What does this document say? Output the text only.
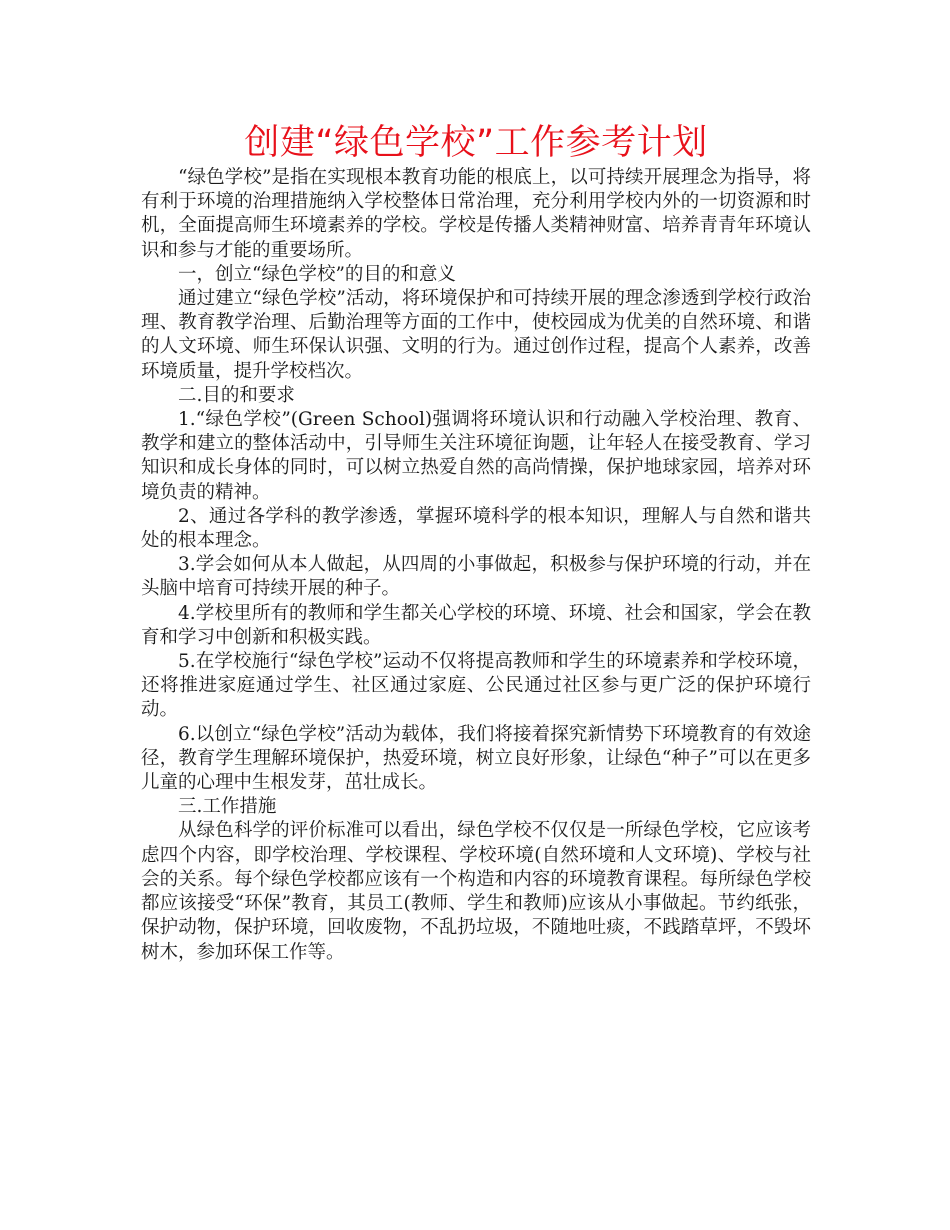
创建“绿色学校”工作参考计划

“绿色学校”是指在实现根本教育功能的根底上，以可持续开展理念为指导，将有利于环境的治理措施纳入学校整体日常治理，充分利用学校内外的一切资源和时机，全面提高师生环境素养的学校。学校是传播人类精神财富、培养青青年环境认识和参与才能的重要场所。

一，创立“绿色学校”的目的和意义

通过建立“绿色学校”活动，将环境保护和可持续开展的理念渗透到学校行政治理、教育教学治理、后勤治理等方面的工作中，使校园成为优美的自然环境、和谐的人文环境、师生环保认识强、文明的行为。通过创作过程，提高个人素养，改善环境质量，提升学校档次。

二.目的和要求

1.“绿色学校”(Green School)强调将环境认识和行动融入学校治理、教育、教学和建立的整体活动中，引导师生关注环境征询题，让年轻人在接受教育、学习知识和成长身体的同时，可以树立热爱自然的高尚情操，保护地球家园，培养对环境负责的精神。

2、通过各学科的教学渗透，掌握环境科学的根本知识，理解人与自然和谐共处的根本理念。

3.学会如何从本人做起，从四周的小事做起，积极参与保护环境的行动，并在头脑中培育可持续开展的种子。

4.学校里所有的教师和学生都关心学校的环境、环境、社会和国家，学会在教育和学习中创新和积极实践。

5.在学校施行“绿色学校”运动不仅将提高教师和学生的环境素养和学校环境，还将推进家庭通过学生、社区通过家庭、公民通过社区参与更广泛的保护环境行动。

6.以创立“绿色学校”活动为载体，我们将接着探究新情势下环境教育的有效途径，教育学生理解环境保护，热爱环境，树立良好形象，让绿色“种子”可以在更多儿童的心理中生根发芽，茁壮成长。

三.工作措施

从绿色科学的评价标准可以看出，绿色学校不仅仅是一所绿色学校，它应该考虑四个内容，即学校治理、学校课程、学校环境(自然环境和人文环境)、学校与社会的关系。每个绿色学校都应该有一个构造和内容的环境教育课程。每所绿色学校都应该接受“环保”教育，其员工(教师、学生和教师)应该从小事做起。节约纸张，保护动物，保护环境，回收废物，不乱扔垃圾，不随地吐痰，不践踏草坪，不毁坏树木，参加环保工作等。
